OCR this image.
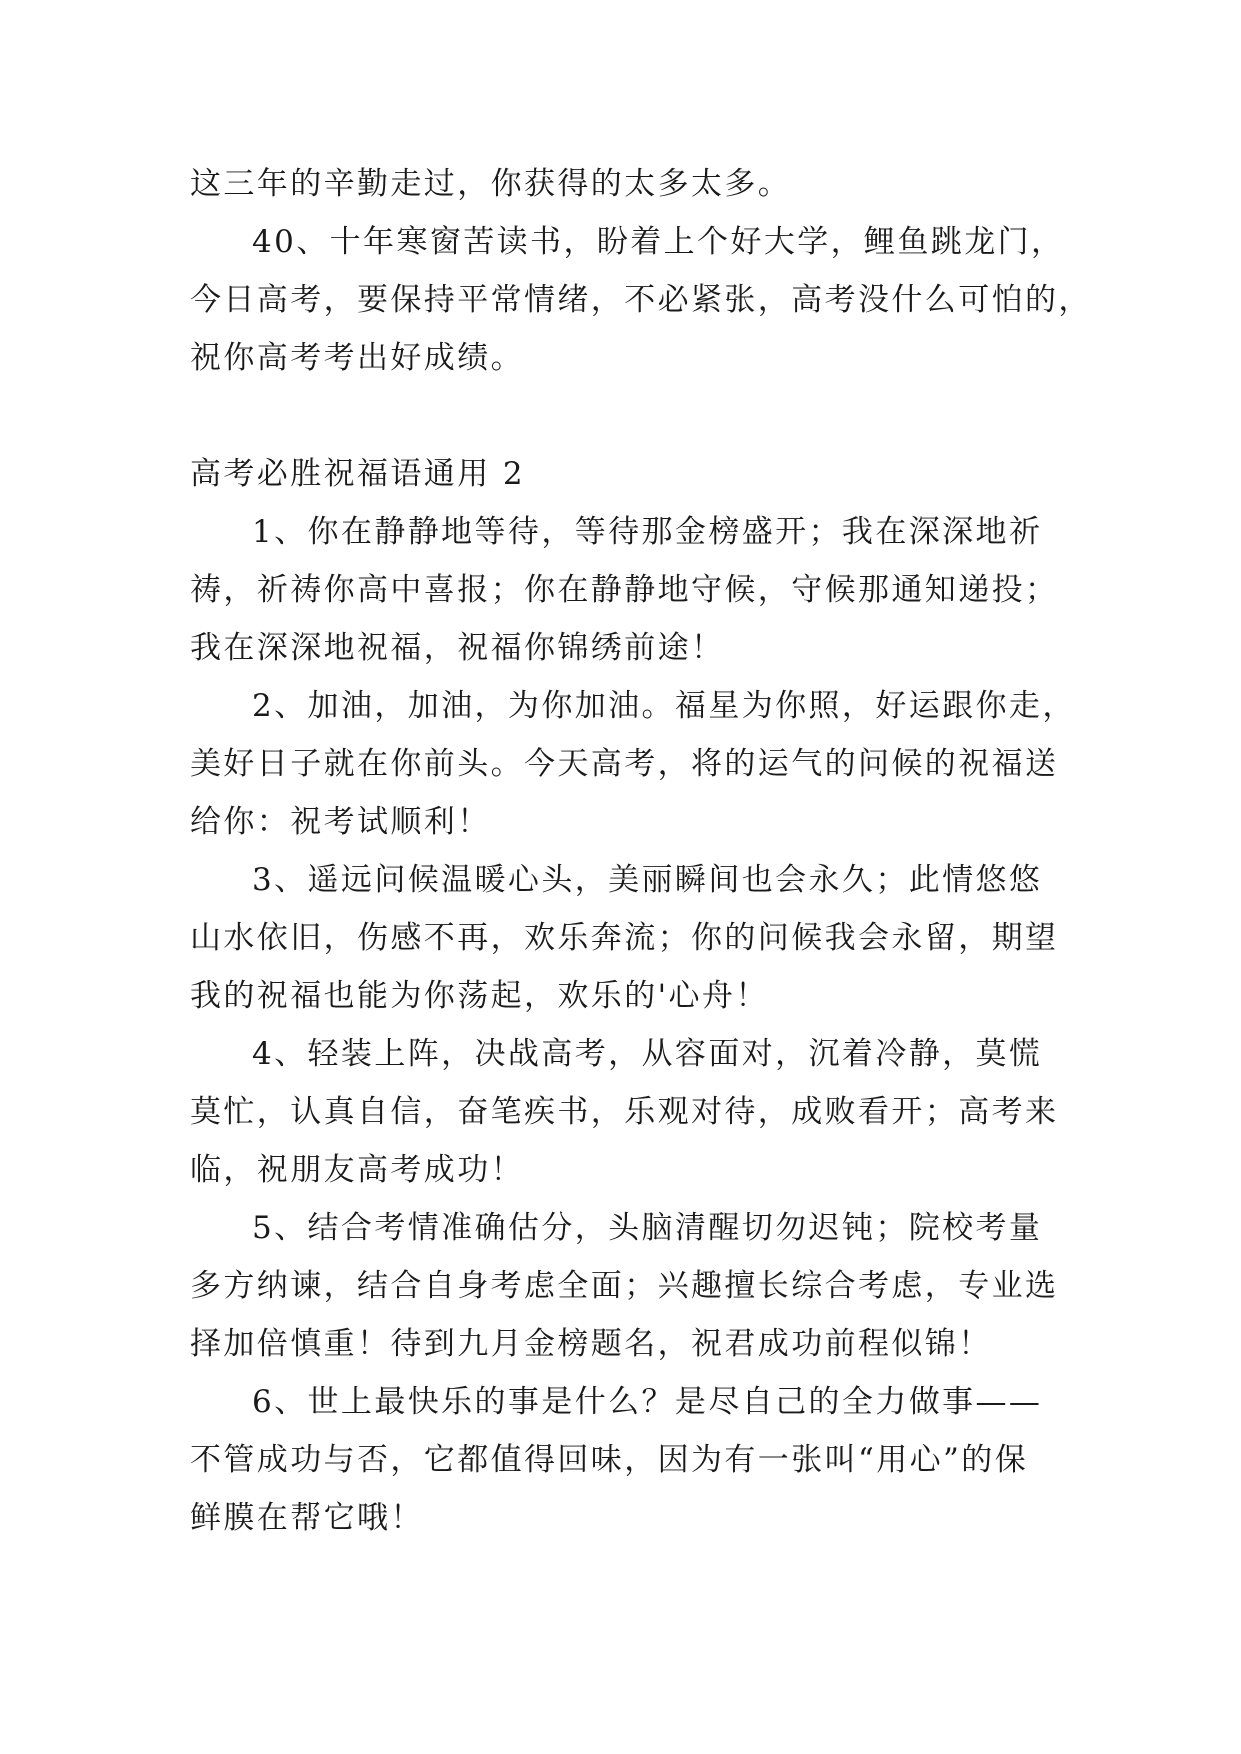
这三年的辛勤走过，你获得的太多太多。
40、十年寒窗苦读书，盼着上个好大学，鲤鱼跳龙门，
今日高考，要保持平常情绪，不必紧张，高考没什么可怕的，
祝你高考考出好成绩。
高考必胜祝福语通用 2
1、你在静静地等待，等待那金榜盛开；我在深深地祈
祷，祈祷你高中喜报；你在静静地守候，守候那通知递投；
我在深深地祝福，祝福你锦绣前途！
2、加油，加油，为你加油。福星为你照，好运跟你走，
美好日子就在你前头。今天高考，将的运气的问候的祝福送
给你：祝考试顺利！
3、遥远问候温暖心头，美丽瞬间也会永久；此情悠悠
山水依旧，伤感不再，欢乐奔流；你的问候我会永留，期望
我的祝福也能为你荡起，欢乐的'心舟！
4、轻装上阵，决战高考，从容面对，沉着冷静，莫慌
莫忙，认真自信，奋笔疾书，乐观对待，成败看开；高考来
临，祝朋友高考成功！
5、结合考情准确估分，头脑清醒切勿迟钝；院校考量
多方纳谏，结合自身考虑全面；兴趣擅长综合考虑，专业选
择加倍慎重！待到九月金榜题名，祝君成功前程似锦！
6、世上最快乐的事是什么？是尽自己的全力做事——
不管成功与否，它都值得回味，因为有一张叫“用心”的保
鲜膜在帮它哦！
